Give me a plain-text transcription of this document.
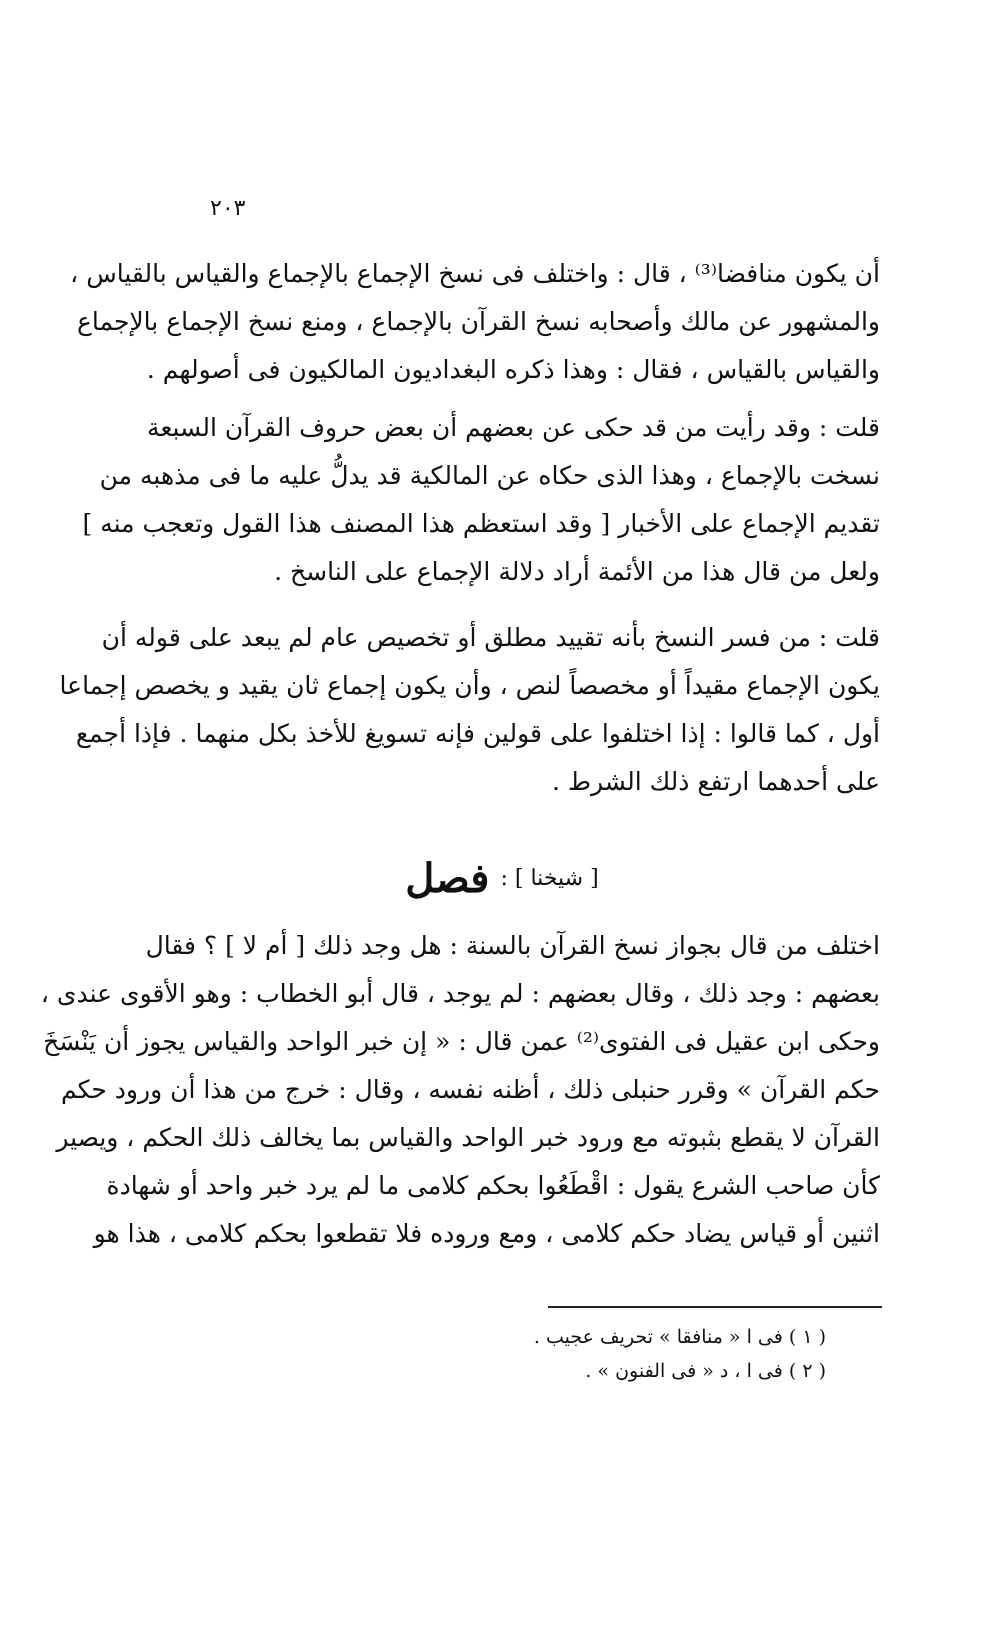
٢٠٣

أن يكون منافضا⁽³⁾ ، قال : واختلف فى نسخ الإجماع بالإجماع والقياس بالقياس ،
والمشهور عن مالك وأصحابه نسخ القرآن بالإجماع ، ومنع نسخ الإجماع بالإجماع
والقياس بالقياس ، فقال : وهذا ذكره البغداديون المالكيون فى أصولهم .

قلت : وقد رأيت من قد حكى عن بعضهم أن بعض حروف القرآن السبعة
نسخت بالإجماع ، وهذا الذى حكاه عن المالكية قد يدلُّ عليه ما فى مذهبه من
تقديم الإجماع على الأخبار [ وقد استعظم هذا المصنف هذا القول وتعجب منه ]
ولعل من قال هذا من الأئمة أراد دلالة الإجماع على الناسخ .

قلت : من فسر النسخ بأنه تقييد مطلق أو تخصيص عام لم يبعد على قوله أن
يكون الإجماع مقيداً أو مخصصاً لنص ، وأن يكون إجماع ثان يقيد و يخصص إجماعا
أول ، كما قالوا : إذا اختلفوا على قولين فإنه تسويغ للأخذ بكل منهما . فإذا أجمع
على أحدهما ارتفع ذلك الشرط .

[ شيخنا ] : فصل

اختلف من قال بجواز نسخ القرآن بالسنة : هل وجد ذلك [ أم لا ] ؟ فقال
بعضهم : وجد ذلك ، وقال بعضهم : لم يوجد ، قال أبو الخطاب : وهو الأقوى عندى ،
وحكى ابن عقيل فى الفتوى⁽²⁾ عمن قال : « إن خبر الواحد والقياس يجوز أن يَنْسَخَ
حكم القرآن » وقرر حنبلى ذلك ، أظنه نفسه ، وقال : خرج من هذا أن ورود حكم
القرآن لا يقطع بثبوته مع ورود خبر الواحد والقياس بما يخالف ذلك الحكم ، ويصير
كأن صاحب الشرع يقول : اقْطَعُوا بحكم كلامى ما لم يرد خبر واحد أو شهادة
اثنين أو قياس يضاد حكم كلامى ، ومع وروده فلا تقطعوا بحكم كلامى ، هذا هو

( ١ ) فى ا « منافقا » تحريف عجيب .
( ٢ ) فى ا ، د « فى الفنون » .
